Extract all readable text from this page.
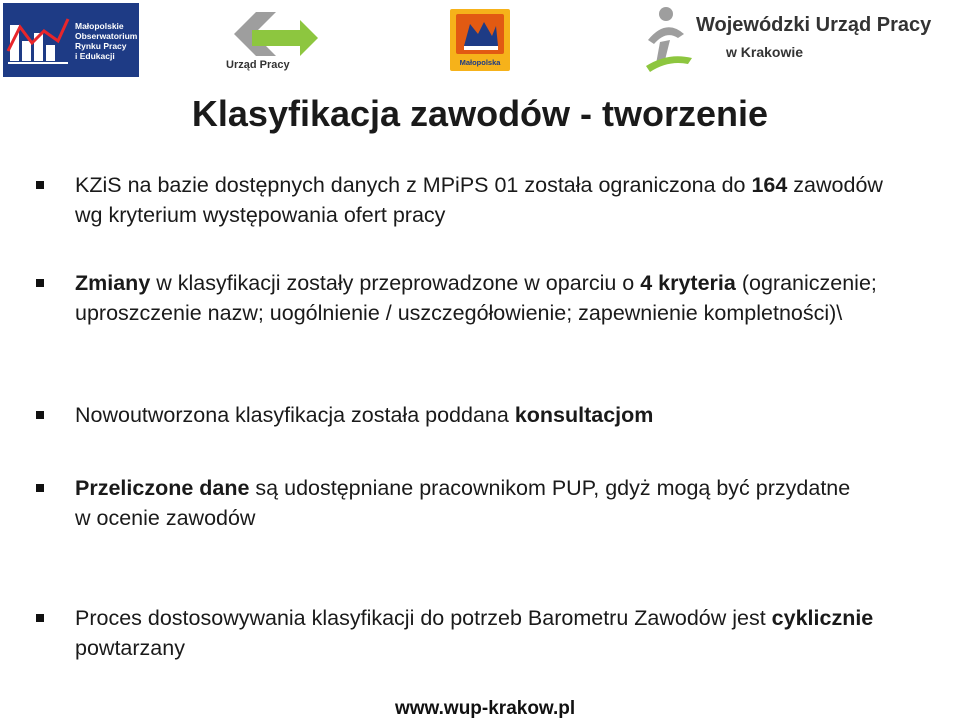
Małopolskie
Obserwatorium
Rynku Pracy
i Edukacji
Urząd Pracy	Małopolska
Wojewódzki Urząd Pracy
w Krakowie
Klasyfikacja zawodów - tworzenie
KZiS na bazie dostępnych danych z MPiPS 01 została ograniczona do 164 zawodów wg kryterium występowania ofert pracy
Zmiany w klasyfikacji zostały przeprowadzone w oparciu o 4 kryteria (ograniczenie; uproszczenie nazw; uogólnienie / uszczegółowienie; zapewnienie kompletności)\
Nowoutworzona klasyfikacja została poddana konsultacjom
Przeliczone dane są udostępniane pracownikom PUP, gdyż mogą być przydatne
w ocenie zawodów
Proces dostosowywania klasyfikacji do potrzeb Barometru Zawodów jest cyklicznie powtarzany
www.wup-krakow.pl
